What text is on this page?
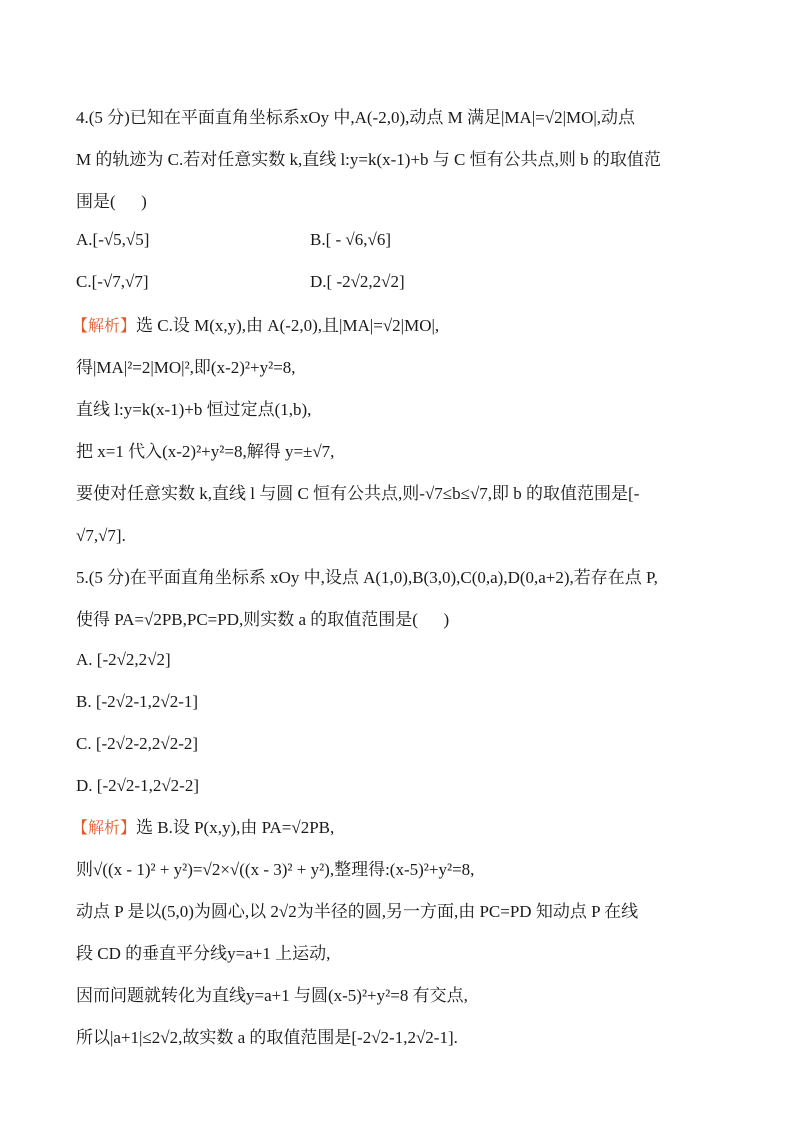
4.(5 分)已知在平面直角坐标系xOy 中,A(-2,0),动点 M 满足|MA|=√2|MO|,动点
M 的轨迹为 C.若对任意实数 k,直线 l:y=k(x-1)+b 与 C 恒有公共点,则 b 的取值范
围是(      )
A.[-√5,√5]	B.[ - √6,√6]
C.[-√7,√7]	D.[ -2√2,2√2]
【解析】选 C.设 M(x,y),由 A(-2,0),且|MA|=√2|MO|,
得|MA|²=2|MO|²,即(x-2)²+y²=8,
直线 l:y=k(x-1)+b 恒过定点(1,b),
把 x=1 代入(x-2)²+y²=8,解得 y=±√7,
要使对任意实数 k,直线 l 与圆 C 恒有公共点,则-√7≤b≤√7,即 b 的取值范围是[-
√7,√7].
5.(5 分)在平面直角坐标系 xOy 中,设点 A(1,0),B(3,0),C(0,a),D(0,a+2),若存在点 P,
使得 PA=√2PB,PC=PD,则实数 a 的取值范围是(      )
A. [-2√2,2√2]
B. [-2√2-1,2√2-1]
C. [-2√2-2,2√2-2]
D. [-2√2-1,2√2-2]
【解析】选 B.设 P(x,y),由 PA=√2PB,
则√((x - 1)² + y²)=√2×√((x - 3)² + y²),整理得:(x-5)²+y²=8,
动点 P 是以(5,0)为圆心,以 2√2为半径的圆,另一方面,由 PC=PD 知动点 P 在线
段 CD 的垂直平分线y=a+1 上运动,
因而问题就转化为直线y=a+1 与圆(x-5)²+y²=8 有交点,
所以|a+1|≤2√2,故实数 a 的取值范围是[-2√2-1,2√2-1].
